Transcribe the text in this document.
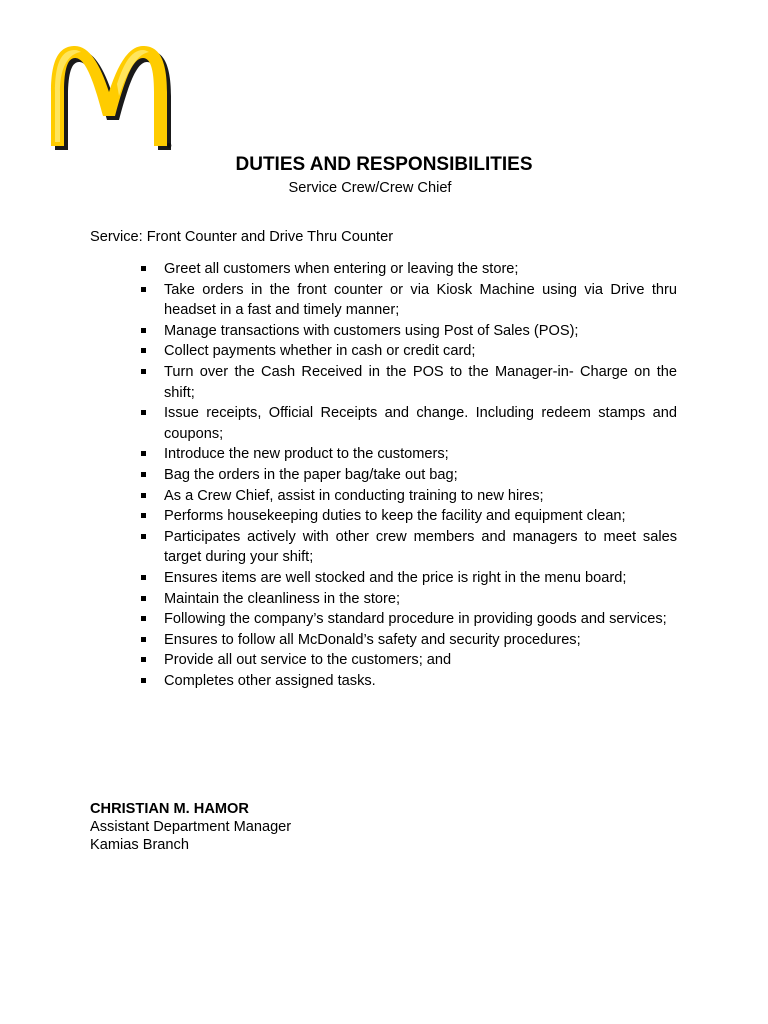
®
DUTIES AND RESPONSIBILITIES

Service Crew/Crew Chief

Service: Front Counter and Drive Thru Counter

Greet all customers when entering or leaving the store;
Take orders in the front counter or via Kiosk Machine using via Drive thru headset in a fast and timely manner;
Manage transactions with customers using Post of Sales (POS);
Collect payments whether in cash or credit card;
Turn over the Cash Received in the POS to the Manager-in- Charge on the shift;
Issue receipts, Official Receipts and change. Including redeem stamps and coupons;
Introduce the new product to the customers;
Bag the orders in the paper bag/take out bag;
As a Crew Chief, assist in conducting training to new hires;
Performs housekeeping duties to keep the facility and equipment clean;
Participates actively with other crew members and managers to meet sales target during your shift;
Ensures items are well stocked and the price is right in the menu board;
Maintain the cleanliness in the store;
Following the company’s standard procedure in providing goods and services;
Ensures to follow all McDonald’s safety and security procedures;
Provide all out service to the customers; and
Completes other assigned tasks.
CHRISTIAN M. HAMOR
Assistant Department Manager
Kamias Branch
